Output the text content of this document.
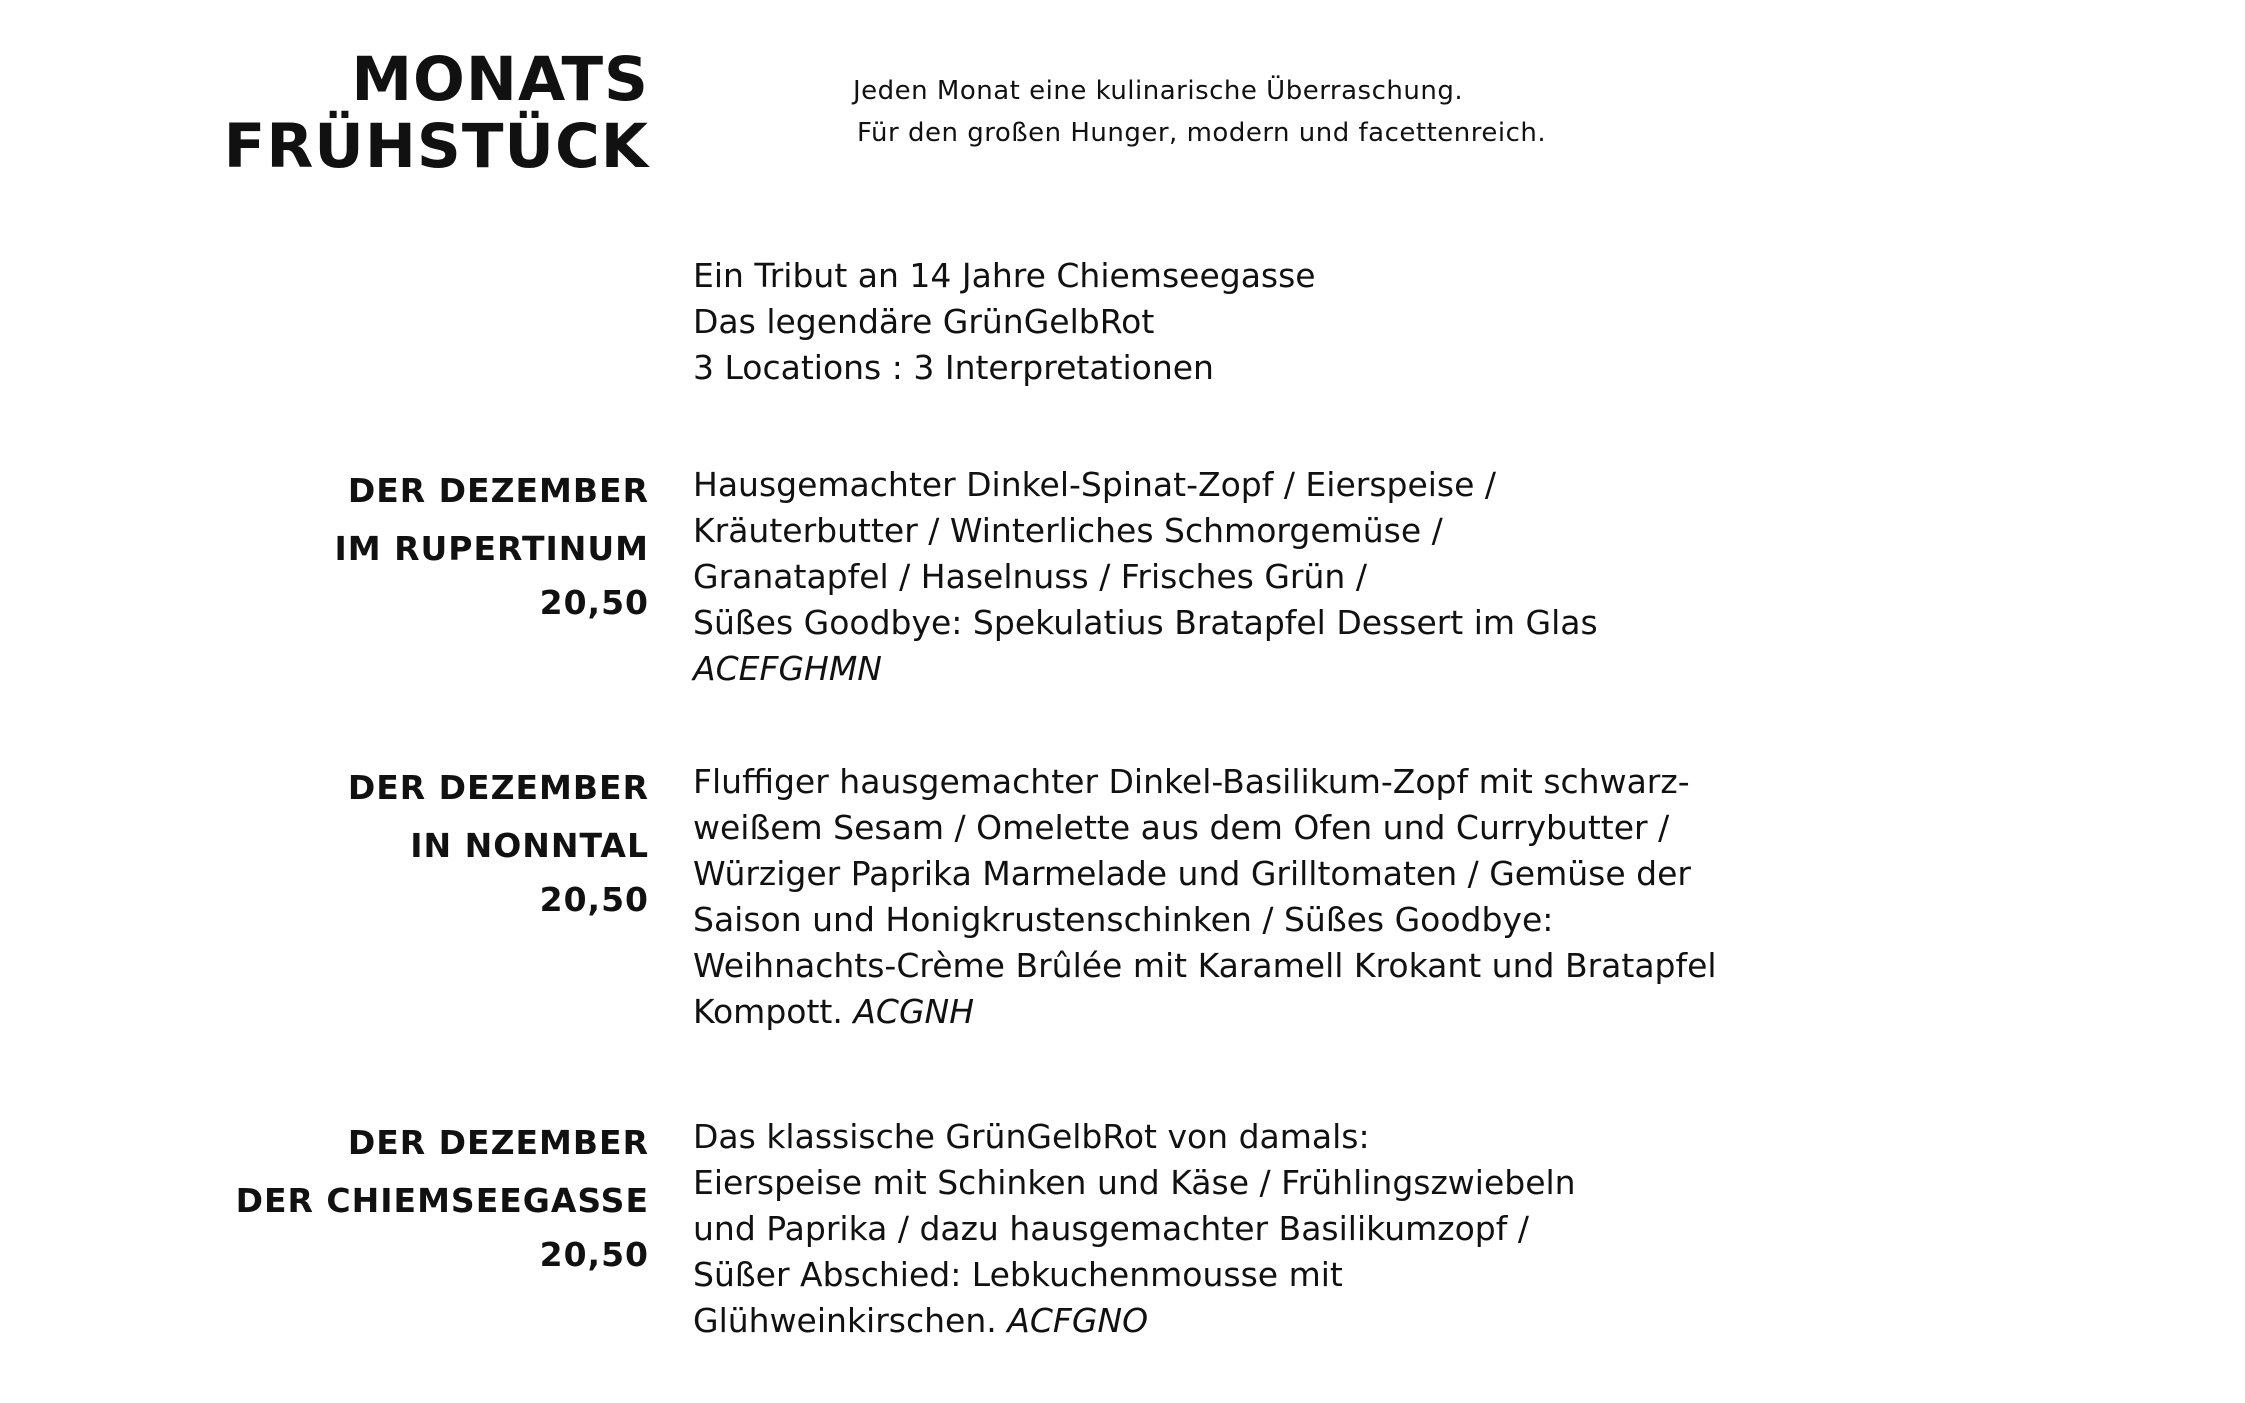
MONATS
FRÜHSTÜCK
Jeden Monat eine kulinarische Überraschung.
Für den großen Hunger, modern und facettenreich.
Ein Tribut an 14 Jahre Chiemseegasse
Das legendäre GrünGelbRot
3 Locations : 3 Interpretationen
DER DEZEMBER
IM RUPERTINUM
20,50
Hausgemachter Dinkel-Spinat-Zopf / Eierspeise /
Kräuterbutter / Winterliches Schmorgemüse /
Granatapfel / Haselnuss / Frisches Grün /
Süßes Goodbye: Spekulatius Bratapfel Dessert im Glas
ACEFGHMN
DER DEZEMBER
IN NONNTAL
20,50
Fluffiger hausgemachter Dinkel-Basilikum-Zopf mit schwarz-
weißem Sesam / Omelette aus dem Ofen und Currybutter /
Würziger Paprika Marmelade und Grilltomaten / Gemüse der
Saison und Honigkrustenschinken / Süßes Goodbye:
Weihnachts-Crème Brûlée mit Karamell Krokant und Bratapfel
Kompott. ACGNH
DER DEZEMBER
DER CHIEMSEEGASSE
20,50
Das klassische GrünGelbRot von damals:
Eierspeise mit Schinken und Käse / Frühlingszwiebeln
und Paprika / dazu hausgemachter Basilikumzopf /
Süßer Abschied: Lebkuchenmousse mit
Glühweinkirschen. ACFGNO
